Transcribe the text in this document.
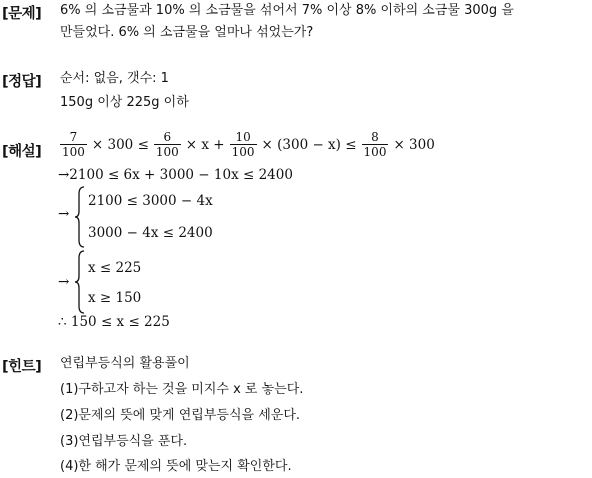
[문제] 6% 의 소금물과 10% 의 소금물을 섞어서 7% 이상 8% 이하의 소금물 300g 을
만들었다. 6% 의 소금물을 얼마나 섞었는가?
[정답] 순서: 없음, 갯수: 1
150g 이상 225g 이하
[해설] $\frac{7}{100} \times 300 \le \frac{6}{100} \times x + \frac{10}{100} \times (300 - x) \le \frac{8}{100} \times 300$
→2100 ≤ 6x + 3000 − 10x ≤ 2400
→
2100 ≤ 3000 − 4x
3000 − 4x ≤ 2400
→
x ≤ 225
x ≥ 150
∴ 150 ≤ x ≤ 225
[힌트] 연립부등식의 활용풀이
(1)구하고자 하는 것을 미지수 x 로 놓는다.
(2)문제의 뜻에 맞게 연립부등식을 세운다.
(3)연립부등식을 푼다.
(4)한 해가 문제의 뜻에 맞는지 확인한다.
